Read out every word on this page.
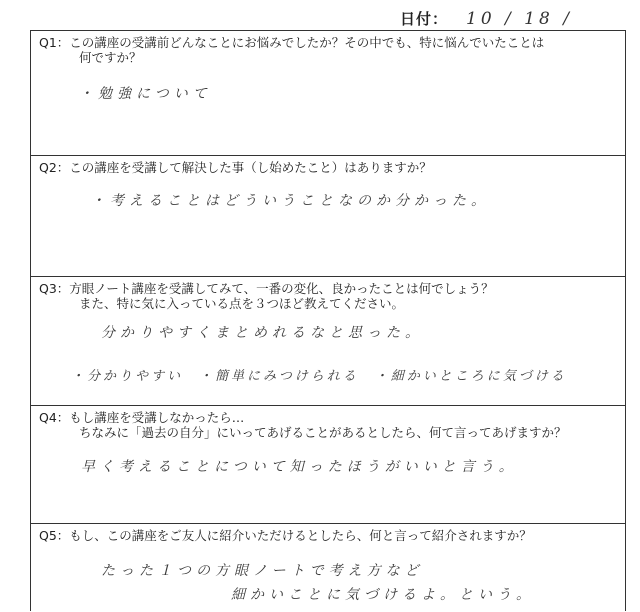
日付： 10 / 18 /
Q1：この講座の受講前どんなことにお悩みでしたか？その中でも、特に悩んでいたことは
何ですか？
・勉強について
Q2：この講座を受講して解決した事（し始めたこと）はありますか？
・考えることはどういうことなのか分かった。
Q3：方眼ノート講座を受講してみて、一番の変化、良かったことは何でしょう？
また、特に気に入っている点を３つほど教えてください。
分かりやすくまとめれるなと思った。
・分かりやすい　・簡単にみつけられる　・細かいところに気づける
Q4：もし講座を受講しなかったら…
ちなみに「過去の自分」にいってあげることがあるとしたら、何て言ってあげますか？
早く考えることについて知ったほうがいいと言う。
Q5：もし、この講座をご友人に紹介いただけるとしたら、何と言って紹介されますか？
たった１つの方眼ノートで考え方など
細かいことに気づけるよ。という。
